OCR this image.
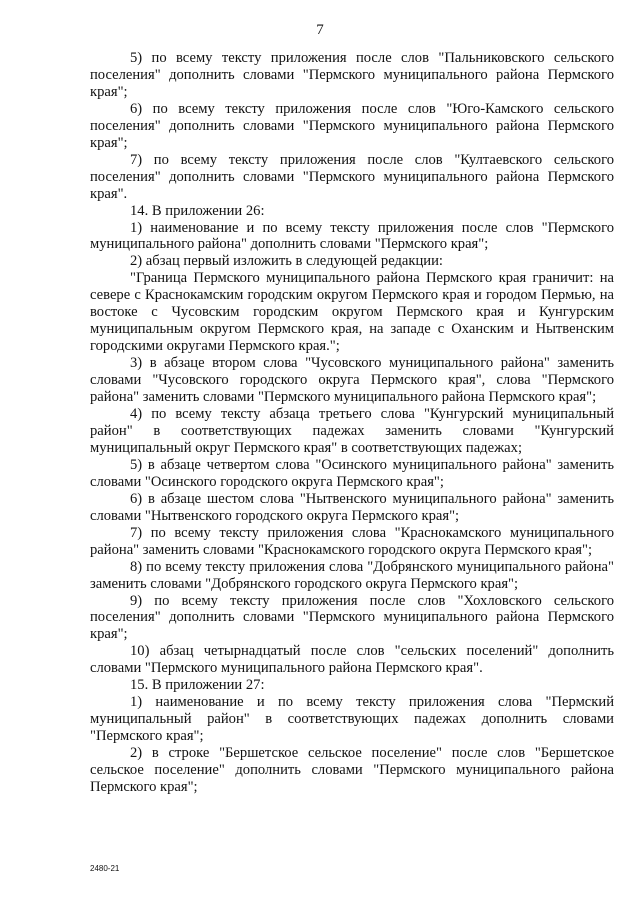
7

5) по всему тексту приложения после слов "Пальниковского сельского поселения" дополнить словами "Пермского муниципального района Пермского края";

6) по всему тексту приложения после слов "Юго-Камского сельского поселения" дополнить словами "Пермского муниципального района Пермского края";

7) по всему тексту приложения после слов "Култаевского сельского поселения" дополнить словами "Пермского муниципального района Пермского края".

14. В приложении 26:

1) наименование и по всему тексту приложения после слов "Пермского муниципального района" дополнить словами "Пермского края";

2) абзац первый изложить в следующей редакции:

"Граница Пермского муниципального района Пермского края граничит: на севере с Краснокамским городским округом Пермского края и городом Пермью, на востоке с Чусовским городским округом Пермского края и Кунгурским муниципальным округом Пермского края, на западе с Оханским и Нытвенским городскими округами Пермского края.";

3) в абзаце втором слова "Чусовского муниципального района" заменить словами "Чусовского городского округа Пермского края", слова "Пермского района" заменить словами "Пермского муниципального района Пермского края";

4) по всему тексту абзаца третьего слова "Кунгурский муниципальный район" в соответствующих падежах заменить словами "Кунгурский муниципальный округ Пермского края" в соответствующих падежах;

5) в абзаце четвертом слова "Осинского муниципального района" заменить словами "Осинского городского округа Пермского края";

6) в абзаце шестом слова "Нытвенского муниципального района" заменить словами "Нытвенского городского округа Пермского края";

7) по всему тексту приложения слова "Краснокамского муниципального района" заменить словами "Краснокамского городского округа Пермского края";

8) по всему тексту приложения слова "Добрянского муниципального района" заменить словами "Добрянского городского округа Пермского края";

9) по всему тексту приложения после слов "Хохловского сельского поселения" дополнить словами "Пермского муниципального района Пермского края";

10) абзац четырнадцатый после слов "сельских поселений" дополнить словами "Пермского муниципального района Пермского края".

15. В приложении 27:

1) наименование и по всему тексту приложения слова "Пермский муниципальный район" в соответствующих падежах дополнить словами "Пермского края";

2) в строке "Бершетское сельское поселение" после слов "Бершетское сельское поселение" дополнить словами "Пермского муниципального района Пермского края";

2480-21
